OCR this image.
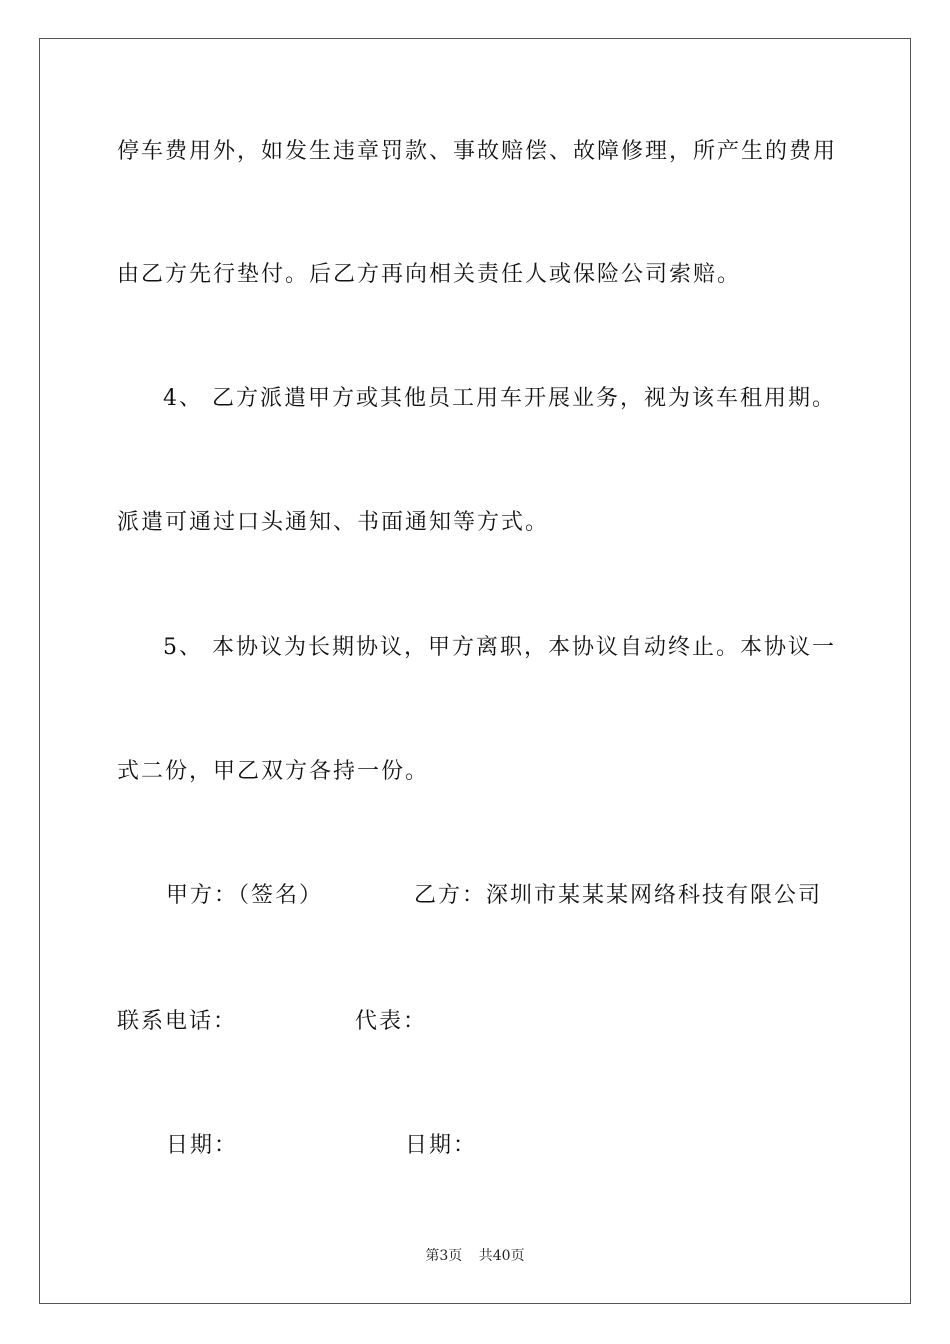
停车费用外，如发生违章罚款、事故赔偿、故障修理，所产生的费用
由乙方先行垫付。后乙方再向相关责任人或保险公司索赔。
4、 乙方派遣甲方或其他员工用车开展业务，视为该车租用期。
派遣可通过口头通知、书面通知等方式。
5、 本协议为长期协议，甲方离职，本协议自动终止。本协议一
式二份，甲乙双方各持一份。
甲方：（签名）	乙方：深圳市某某某网络科技有限公司
联系电话：	代表：
日期：	日期：
第3页 共40页
